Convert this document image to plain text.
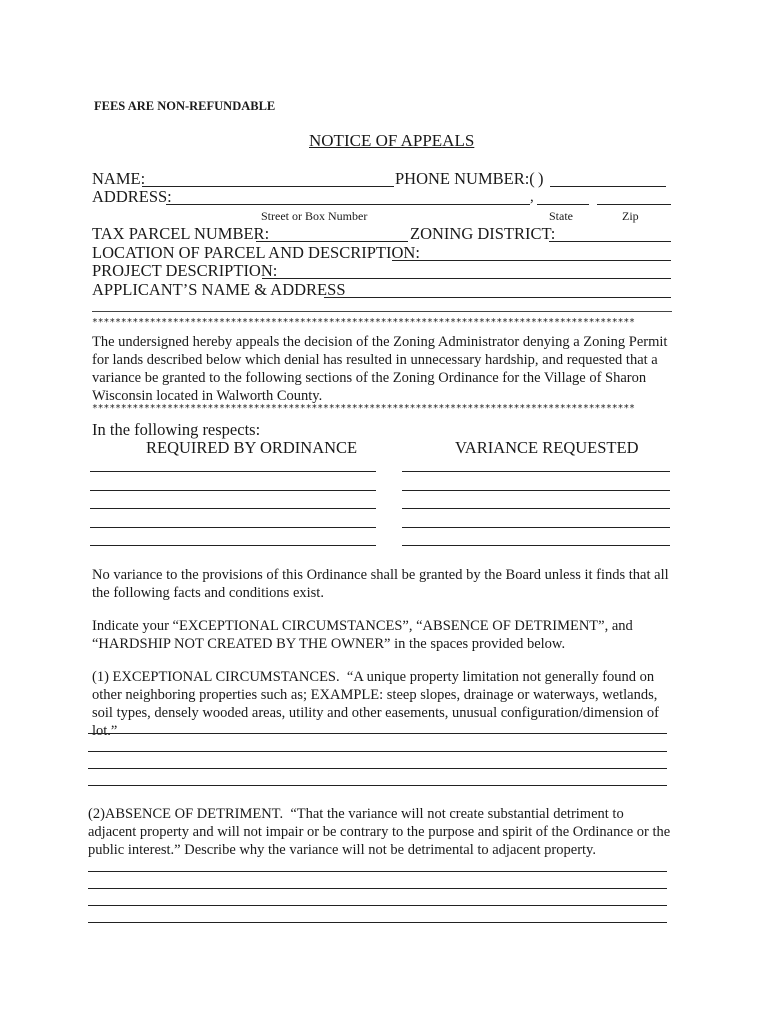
FEES ARE NON-REFUNDABLE
NOTICE OF APPEALS
NAME:	PHONE NUMBER:( )
ADDRESS:	,
Street or Box Number	State	Zip
TAX PARCEL NUMBER:	ZONING DISTRICT:
LOCATION OF PARCEL AND DESCRIPTION:
PROJECT DESCRIPTION:
APPLICANT’S NAME & ADDRESS
**********************************************************************************************
The undersigned hereby appeals the decision of the Zoning Administrator denying a Zoning Permit for lands described below which denial has resulted in unnecessary hardship, and requested that a variance be granted to the following sections of the Zoning Ordinance for the Village of Sharon Wisconsin located in Walworth County.
**********************************************************************************************
In the following respects:
REQUIRED BY ORDINANCE	VARIANCE REQUESTED
No variance to the provisions of this Ordinance shall be granted by the Board unless it finds that all the following facts and conditions exist.
Indicate your “EXCEPTIONAL CIRCUMSTANCES”, “ABSENCE OF DETRIMENT”, and “HARDSHIP NOT CREATED BY THE OWNER” in the spaces provided below.
(1) EXCEPTIONAL CIRCUMSTANCES. “A unique property limitation not generally found on other neighboring properties such as; EXAMPLE: steep slopes, drainage or waterways, wetlands, soil types, densely wooded areas, utility and other easements, unusual configuration/dimension of lot.”
(2)ABSENCE OF DETRIMENT. “That the variance will not create substantial detriment to adjacent property and will not impair or be contrary to the purpose and spirit of the Ordinance or the public interest.” Describe why the variance will not be detrimental to adjacent property.
